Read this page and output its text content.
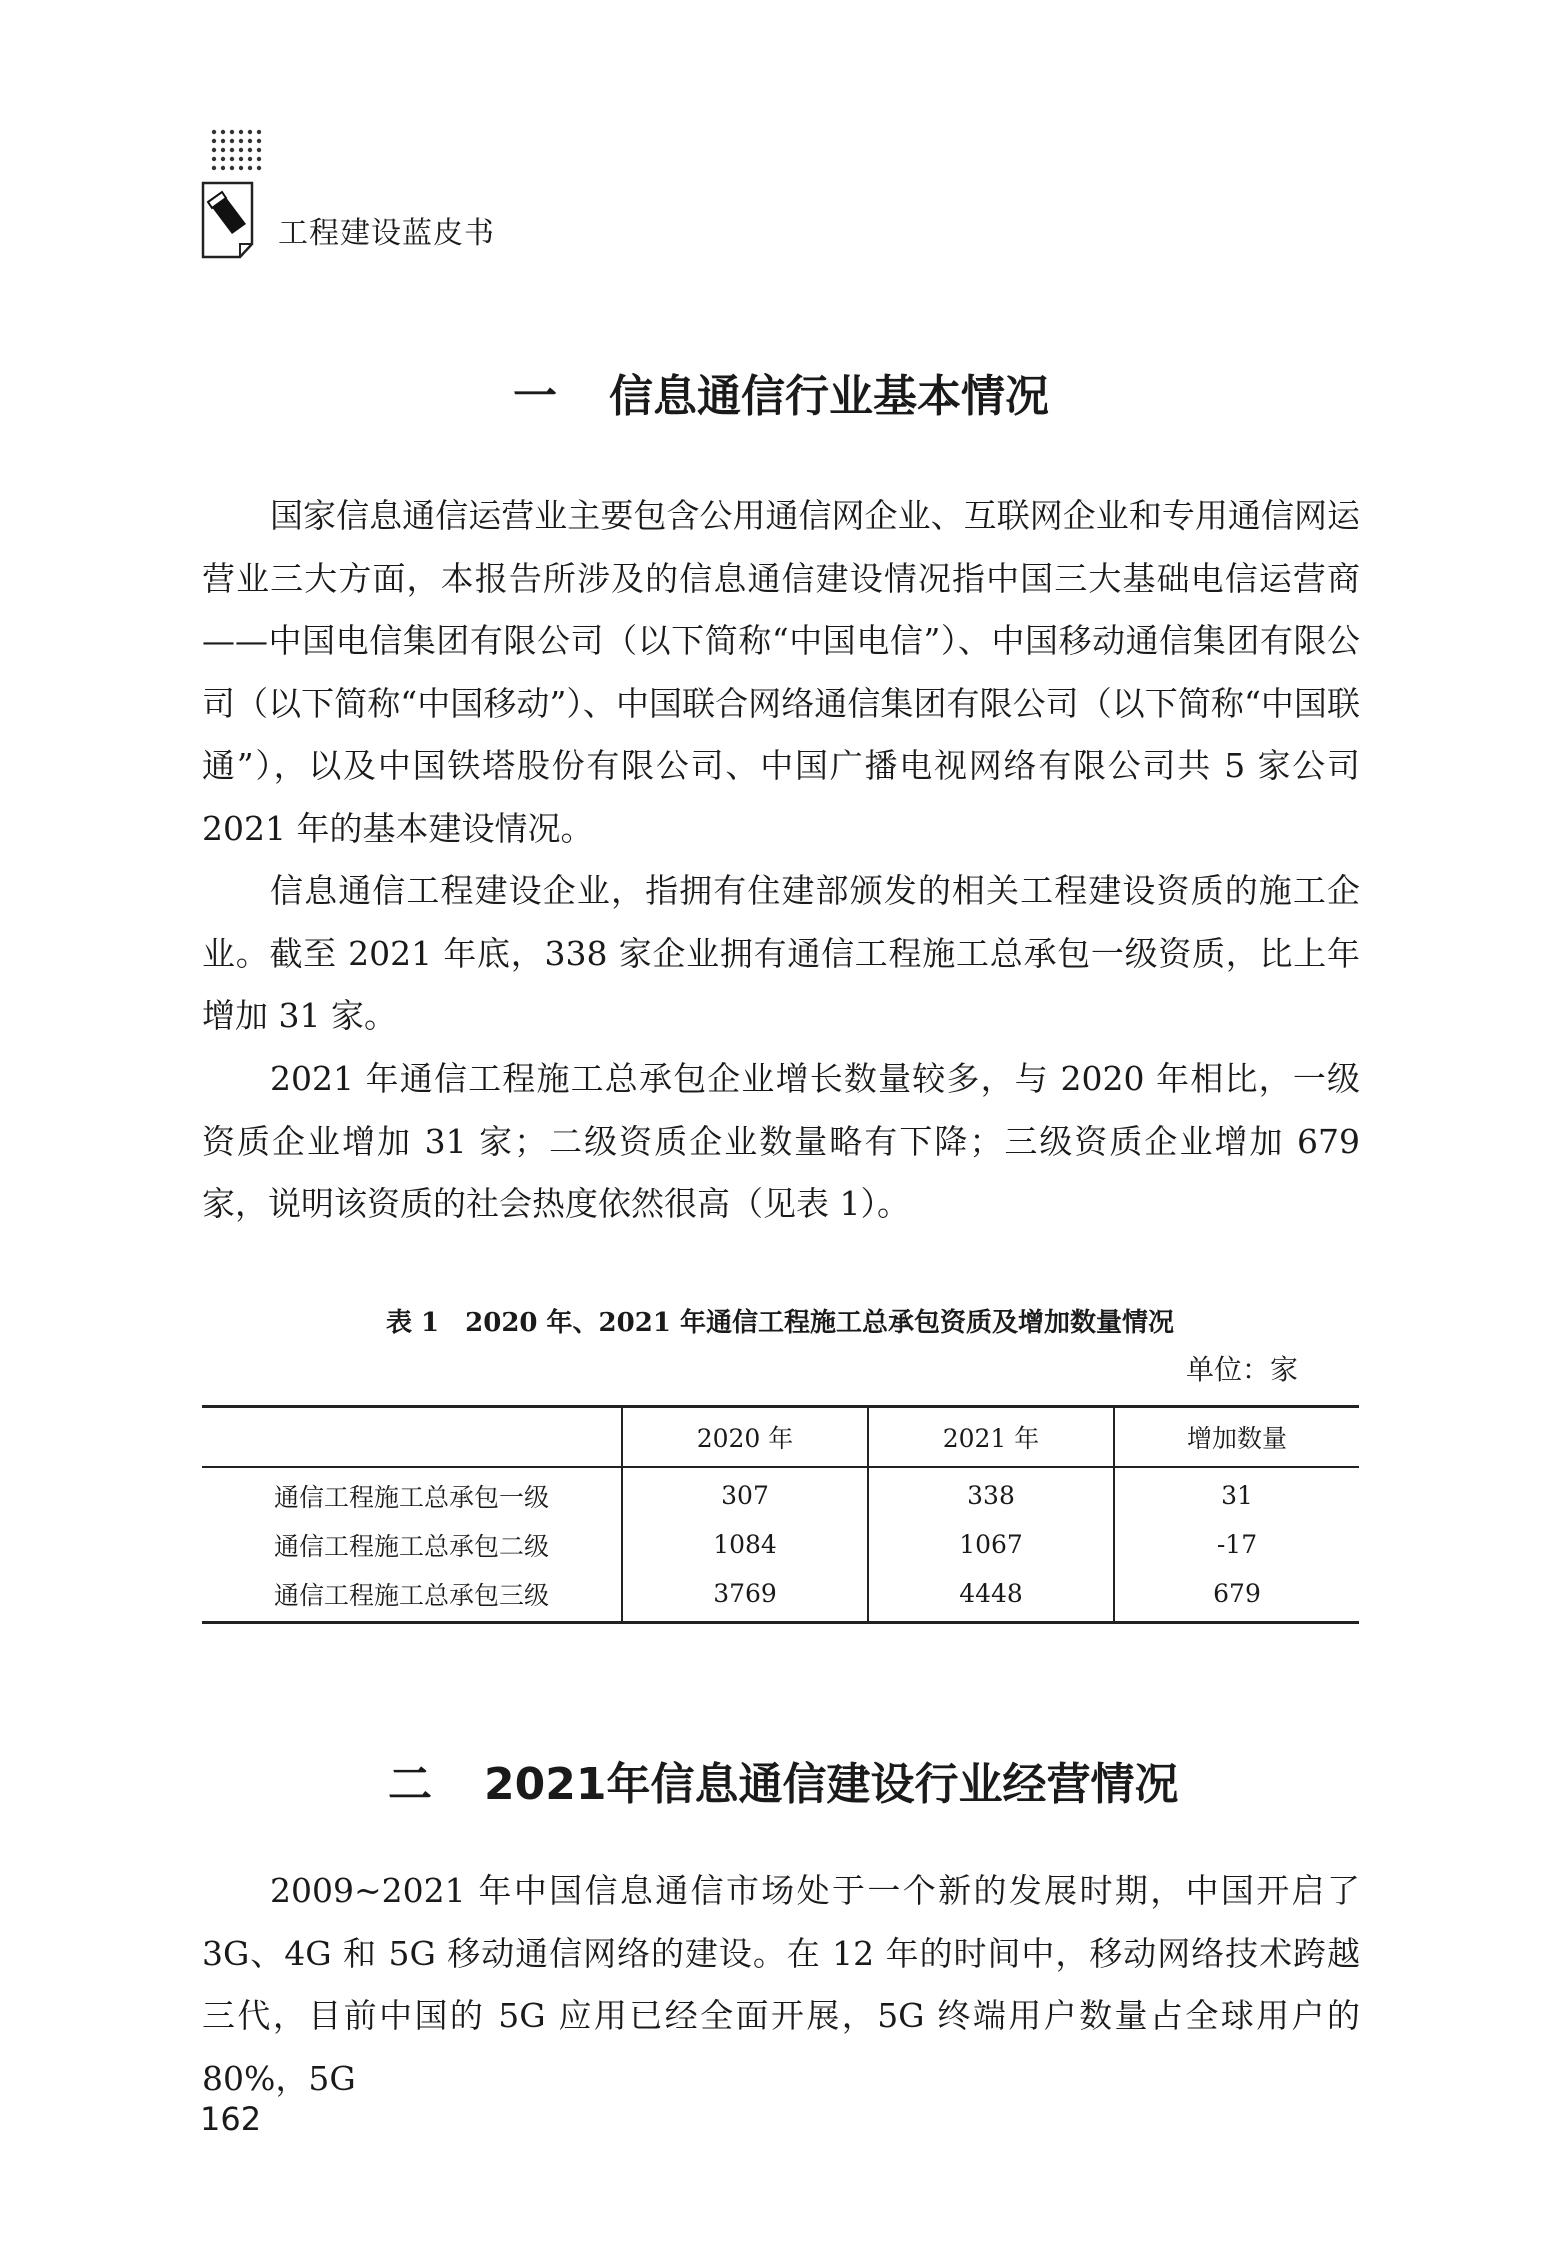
工程建设蓝皮书
一 信息通信行业基本情况

国家信息通信运营业主要包含公用通信网企业、互联网企业和专用通信网运营业三大方面，本报告所涉及的信息通信建设情况指中国三大基础电信运营商——中国电信集团有限公司（以下简称“中国电信”）、中国移动通信集团有限公司（以下简称“中国移动”）、中国联合网络通信集团有限公司（以下简称“中国联通”），以及中国铁塔股份有限公司、中国广播电视网络有限公司共 5 家公司 2021 年的基本建设情况。

信息通信工程建设企业，指拥有住建部颁发的相关工程建设资质的施工企业。截至 2021 年底，338 家企业拥有通信工程施工总承包一级资质，比上年增加 31 家。

2021 年通信工程施工总承包企业增长数量较多，与 2020 年相比，一级资质企业增加 31 家；二级资质企业数量略有下降；三级资质企业增加 679 家，说明该资质的社会热度依然很高（见表 1）。

表 1　2020 年、2021 年通信工程施工总承包资质及增加数量情况
单位：家
	2020 年	2021 年	增加数量
通信工程施工总承包一级	307	338	31
通信工程施工总承包二级	1084	1067	-17
通信工程施工总承包三级	3769	4448	679
二 2021年信息通信建设行业经营情况

2009~2021 年中国信息通信市场处于一个新的发展时期，中国开启了 3G、4G 和 5G 移动通信网络的建设。在 12 年的时间中，移动网络技术跨越三代，目前中国的 5G 应用已经全面开展，5G 终端用户数量占全球用户的 80%，5G

162
